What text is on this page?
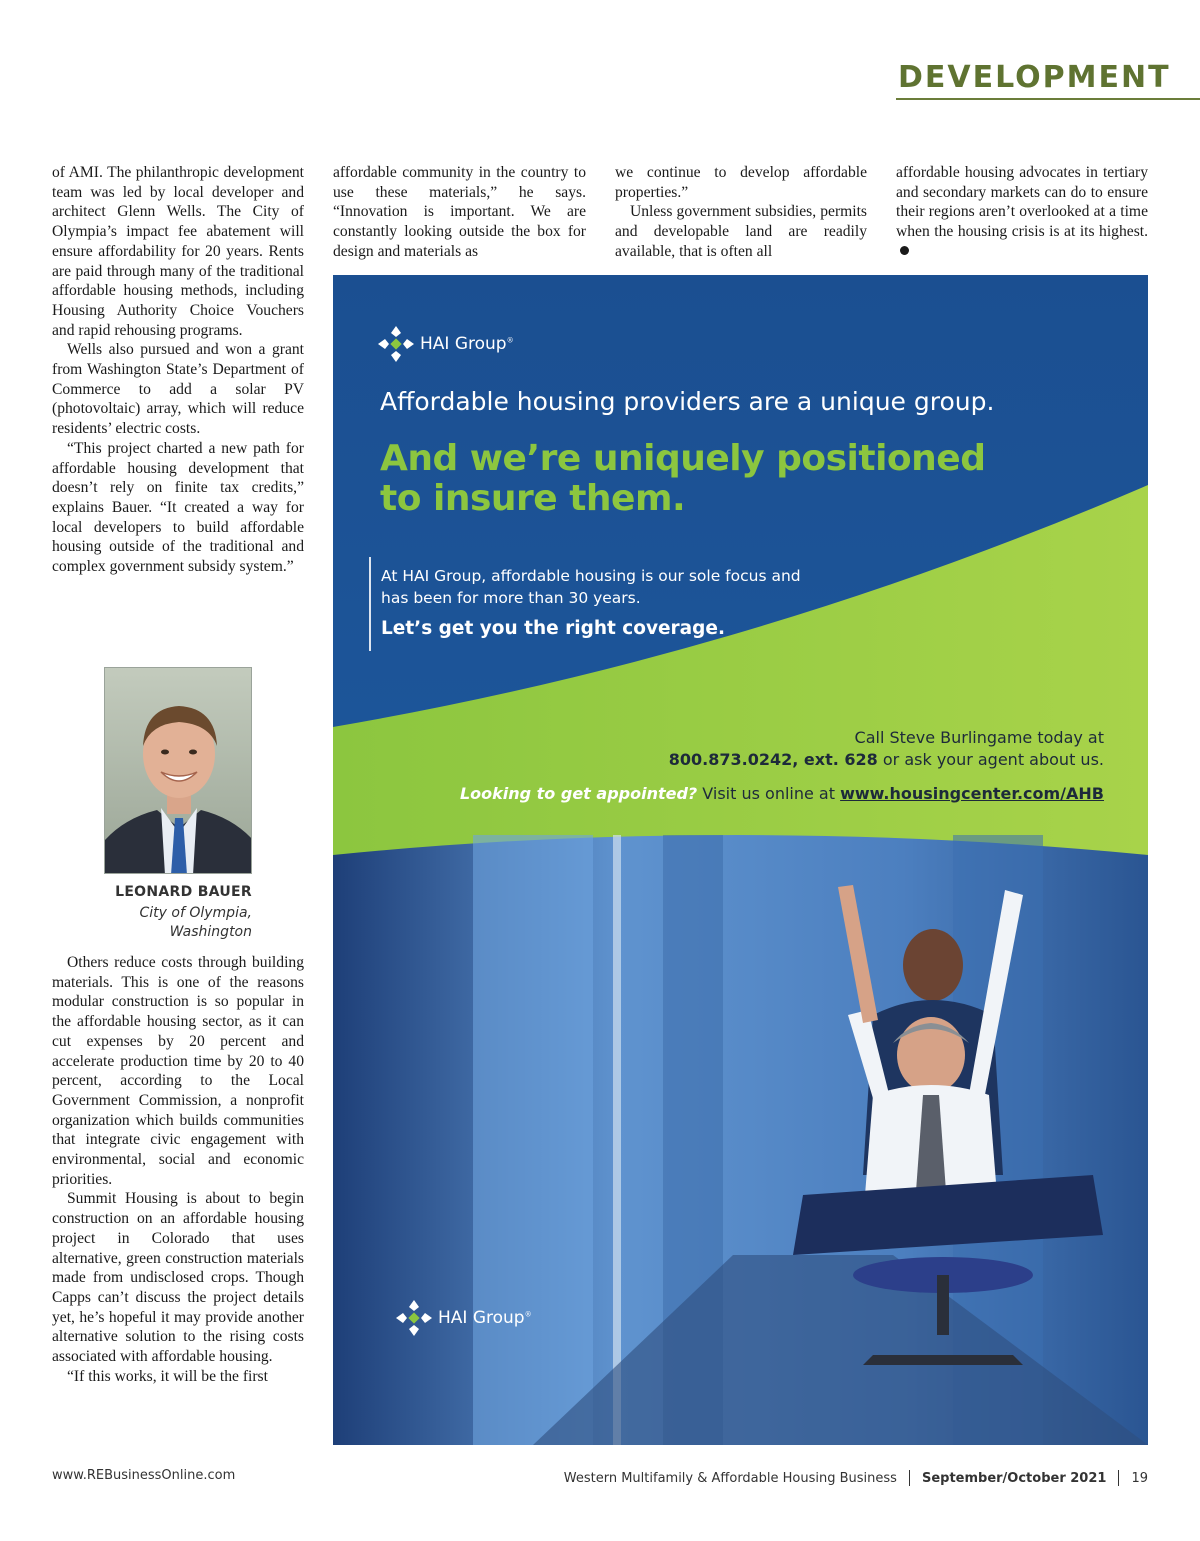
DEVELOPMENT

of AMI. The philanthropic development team was led by local developer and architect Glenn Wells. The City of Olympia’s impact fee abatement will ensure affordability for 20 years. Rents are paid through many of the traditional affordable housing methods, including Housing Authority Choice Vouchers and rapid rehousing programs.

Wells also pursued and won a grant from Washington State’s Department of Commerce to add a solar PV (photovoltaic) array, which will reduce residents’ electric costs.

“This project charted a new path for affordable housing development that doesn’t rely on finite tax credits,” explains Bauer. “It created a way for local developers to build affordable housing outside of the traditional and complex government subsidy system.”

LEONARD BAUER
City of Olympia,
Washington

Others reduce costs through building materials. This is one of the reasons modular construction is so popular in the affordable housing sector, as it can cut expenses by 20 percent and accelerate production time by 20 to 40 percent, according to the Local Government Commission, a nonprofit organization which builds communities that integrate civic engagement with environmental, social and economic priorities.

Summit Housing is about to begin construction on an affordable housing project in Colorado that uses alternative, green construction materials made from undisclosed crops. Though Capps can’t discuss the project details yet, he’s hopeful it may provide another alternative solution to the rising costs associated with affordable housing.

“If this works, it will be the first

affordable community in the country to use these materials,” he says. “Innovation is important. We are constantly looking outside the box for design and materials as

we continue to develop affordable properties.”

Unless government subsidies, permits and developable land are readily available, that is often all

affordable housing advocates in tertiary and secondary markets can do to ensure their regions aren’t overlooked at a time when the housing crisis is at its highest.

HAI Group®
Affordable housing providers are a unique group.
And we’re uniquely positioned
to insure them.
At HAI Group, affordable housing is our sole focus and
has been for more than 30 years.
Let’s get you the right coverage.
Call Steve Burlingame today at
800.873.0242, ext. 628 or ask your agent about us.
Looking to get appointed? Visit us online at www.housingcenter.com/AHB
HAI Group®
www.REBusinessOnline.com	Western Multifamily & Affordable Housing Business September/October 2021 19
